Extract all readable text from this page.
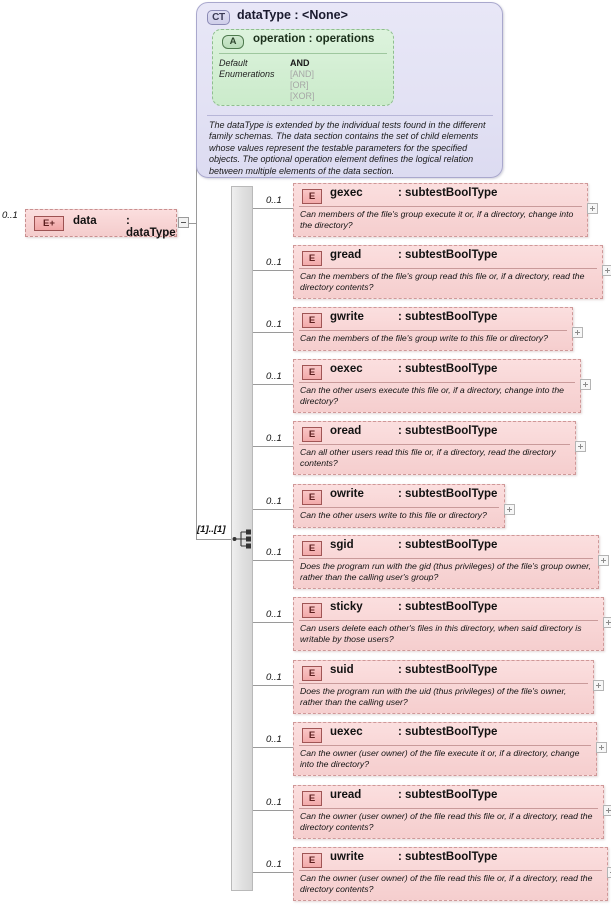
CT dataType : <None>
A	operation : operations
Default	AND
Enumerations [AND]
[OR]
[XOR]
The dataType is extended by the individual tests found in the different family schemas. The data section contains the set of child elements whose values represent the testable parameters for the specified objects. The optional operation element defines the logical relation between multiple elements of the data section.
0..1
E+	data	: dataType
[1]..[1]
0..1	E	gexec	: subtestBoolType
Can members of the file's group execute it or, if a directory, change into the directory?
0..1	E	gread	: subtestBoolType
Can the members of the file's group read this file or, if a directory, read the directory contents?
0..1	E	gwrite	: subtestBoolType
Can the members of the file's group write to this file or directory?
0..1	E	oexec	: subtestBoolType
Can the other users execute this file or, if a directory, change into the directory?
0..1	E	oread	: subtestBoolType
Can all other users read this file or, if a directory, read the directory contents?
0..1	E	owrite	: subtestBoolType
Can the other users write to this file or directory?
0..1	E	sgid	: subtestBoolType
Does the program run with the gid (thus privileges) of the file's group owner, rather than the calling user's group?
0..1	E	sticky	: subtestBoolType
Can users delete each other's files in this directory, when said directory is writable by those users?
0..1	E	suid	: subtestBoolType
Does the program run with the uid (thus privileges) of the file's owner, rather than the calling user?
0..1	E	uexec	: subtestBoolType
Can the owner (user owner) of the file execute it or, if a directory, change into the directory?
0..1	E	uread	: subtestBoolType
Can the owner (user owner) of the file read this file or, if a directory, read the directory contents?
0..1	E	uwrite	: subtestBoolType
Can the owner (user owner) of the file read this file or, if a directory, read the directory contents?
